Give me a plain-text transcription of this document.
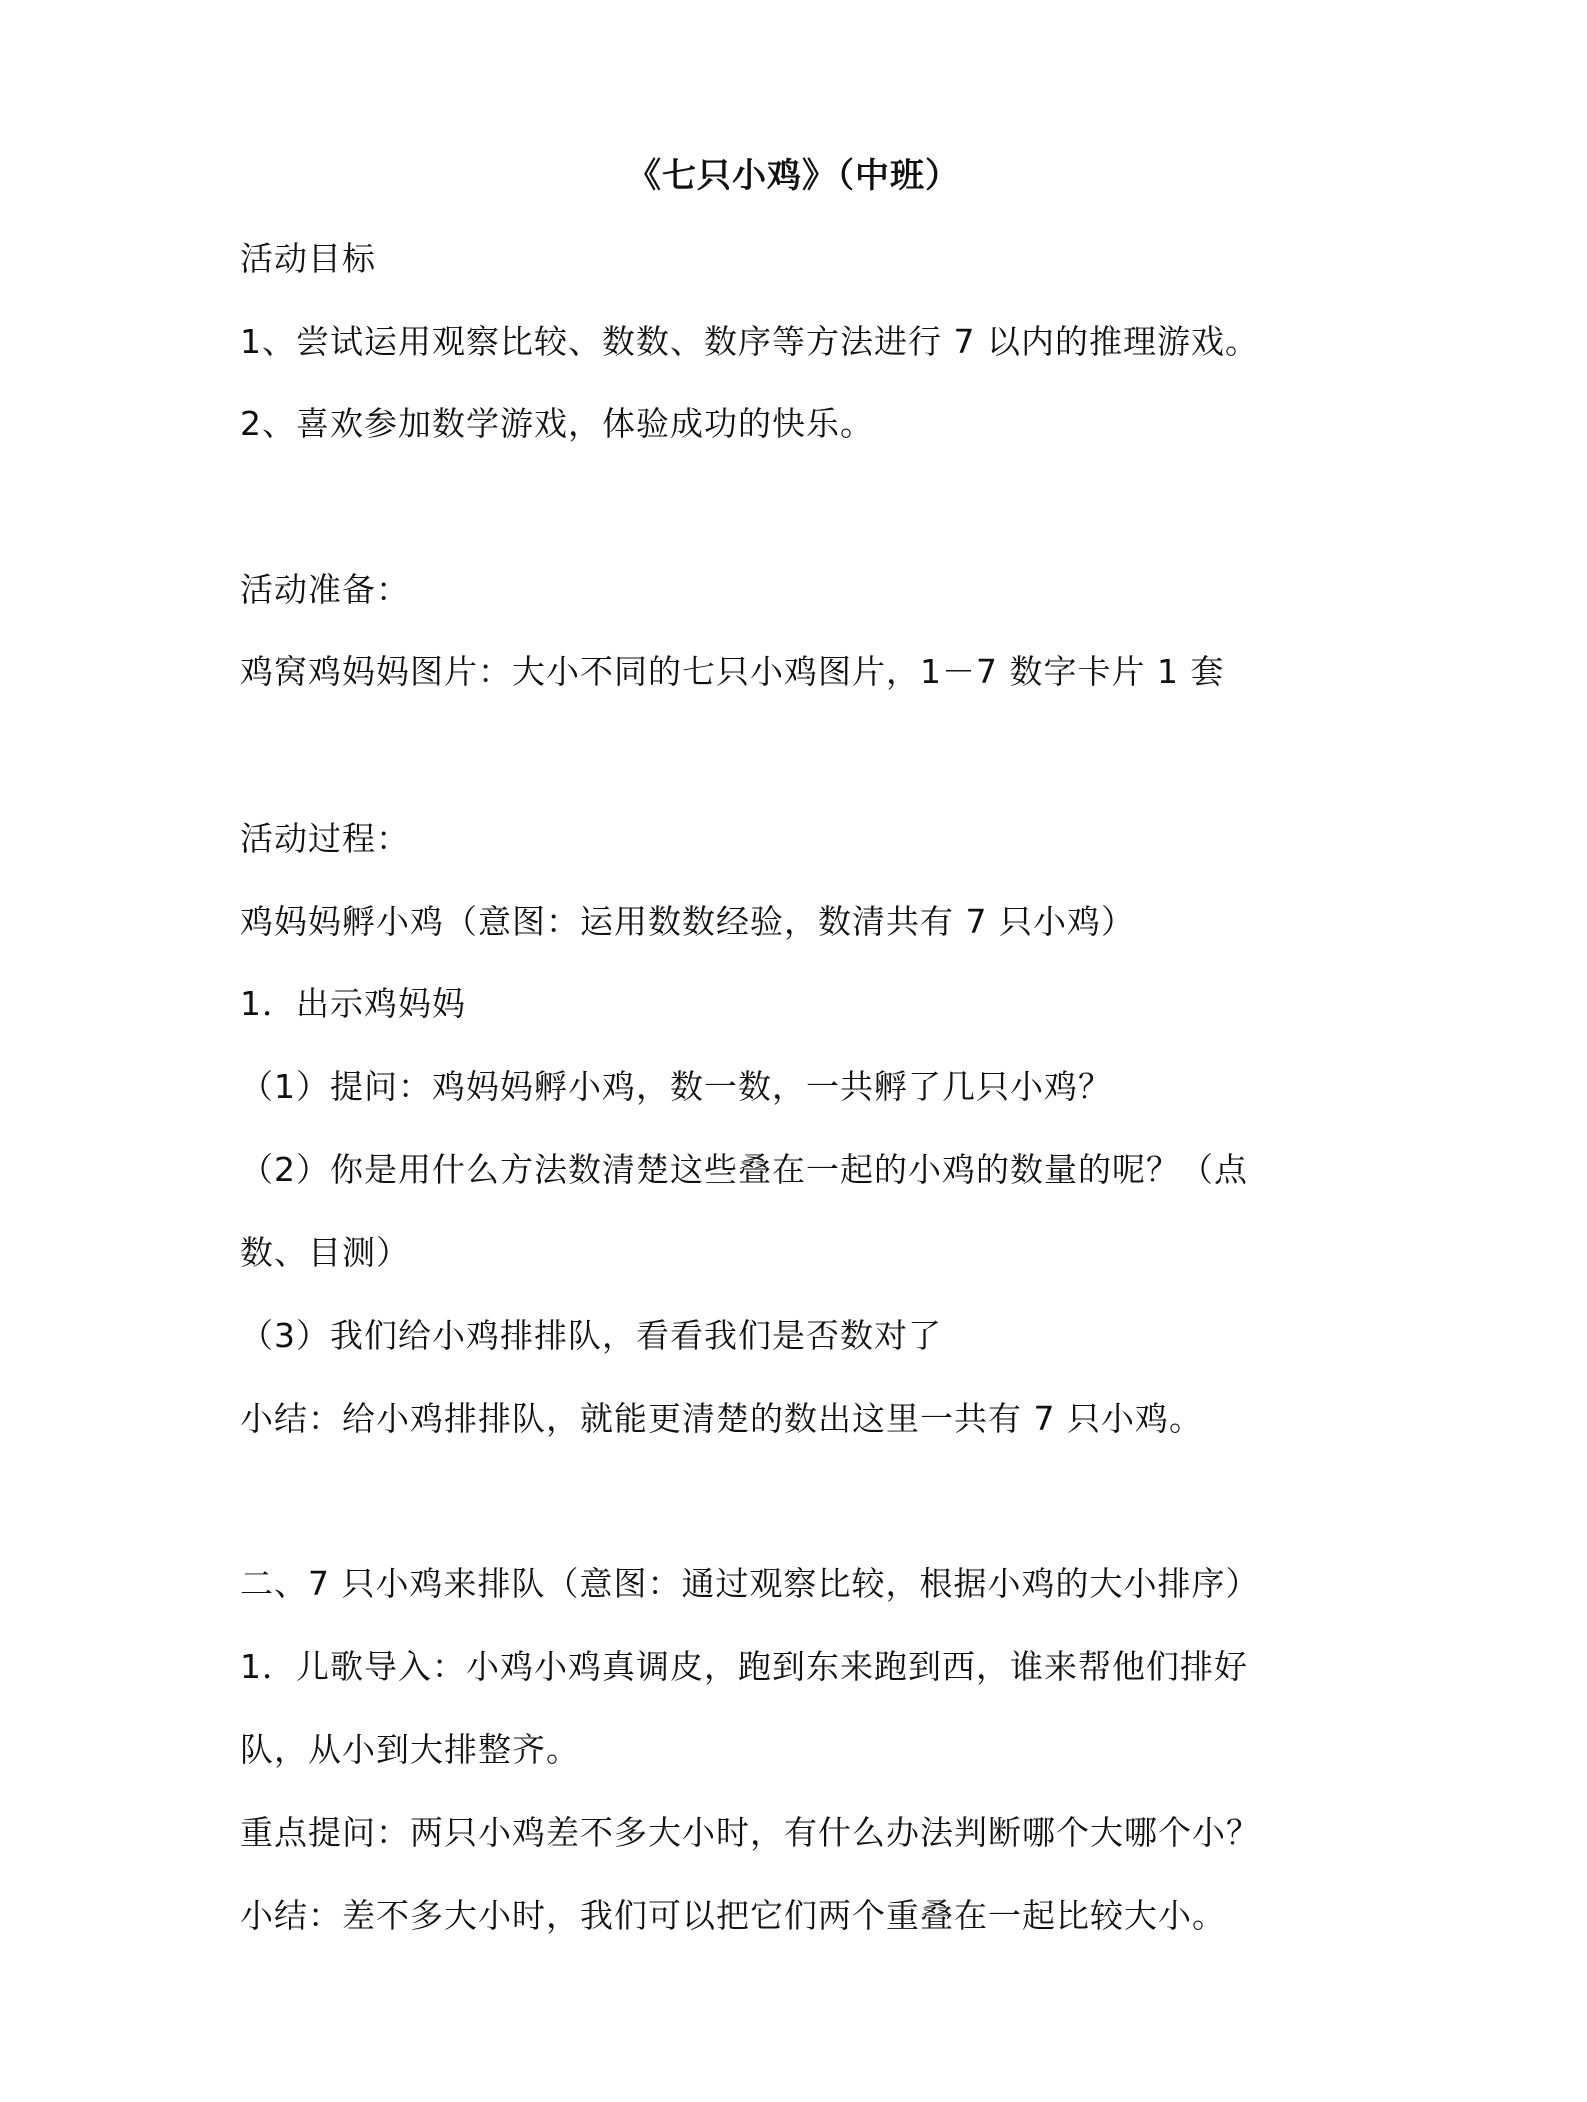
《七只小鸡》（中班）
活动目标
1、尝试运用观察比较、数数、数序等方法进行 7 以内的推理游戏。
2、喜欢参加数学游戏，体验成功的快乐。
活动准备：
鸡窝鸡妈妈图片：大小不同的七只小鸡图片，1－7 数字卡片 1 套
活动过程：
鸡妈妈孵小鸡（意图：运用数数经验，数清共有 7 只小鸡）
1．出示鸡妈妈
（1）提问：鸡妈妈孵小鸡，数一数，一共孵了几只小鸡？
（2）你是用什么方法数清楚这些叠在一起的小鸡的数量的呢？（点
数、目测）
（3）我们给小鸡排排队，看看我们是否数对了
小结：给小鸡排排队，就能更清楚的数出这里一共有 7 只小鸡。
二、7 只小鸡来排队（意图：通过观察比较，根据小鸡的大小排序）
1．儿歌导入：小鸡小鸡真调皮，跑到东来跑到西，谁来帮他们排好
队，从小到大排整齐。
重点提问：两只小鸡差不多大小时，有什么办法判断哪个大哪个小？
小结：差不多大小时，我们可以把它们两个重叠在一起比较大小。
